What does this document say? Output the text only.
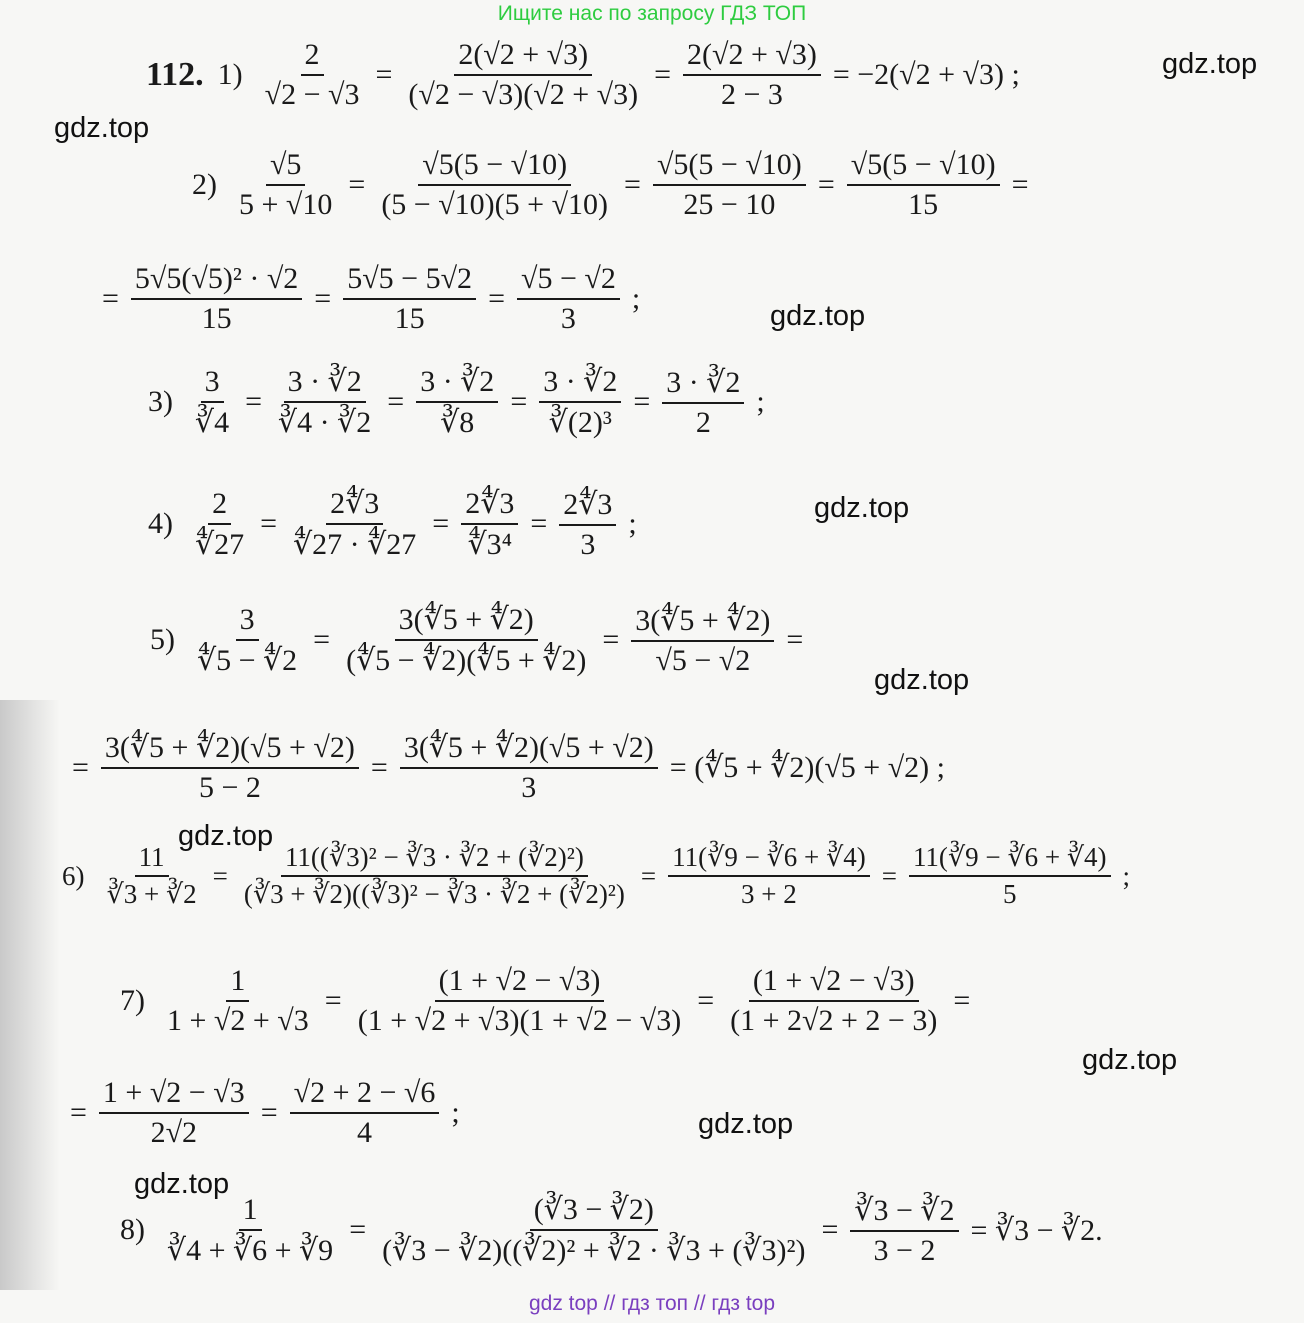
Ищите нас по запросу ГДЗ ТОП
gdz.top
gdz.top
gdz.top
gdz.top
gdz.top
gdz.top
gdz.top
gdz.top
gdz.top
112. $1) \frac{2}{√2 - √3} = \frac{2(√2 + √3)}{(√2 - √3)(√2 + √3)} = \frac{2(√2 + √3)}{2 - 3} = -2(√2 + √3)$ ;
$2) \frac{√5}{5 + √10} = \frac{√5(5 - √10)}{(5 - √10)(5 + √10)} = \frac{√5(5 - √10)}{25 - 10} = \frac{√5(5 - √10)}{15}$ =
= $\frac{\text{5√5(√5)² · √2}}{15} = \frac{5√5 - 5√2}{15} = \frac{√5 - √2}{3}$ ;
$3) \frac{3}{∛4} = \frac{3 \cdot ∛2}{∛4 \cdot ∛2} = \frac{3 \cdot ∛2}{∛8} = \frac{3 \cdot ∛2}{\text{∛(2)³}} = \frac{3 \cdot ∛2}{2}$ ;
$4) \frac{2}{∜27} = \frac{2∜3}{∜27 \cdot ∜27} = \frac{2∜3}{\text{∜3⁴}} = \frac{2∜3}{3}$ ;
$5) \frac{3}{∜5 - ∜2} = \frac{3(∜5 + ∜2)}{(∜5 - ∜2)(∜5 + ∜2)} = \frac{3(∜5 + ∜2)}{√5 - √2}$ =
= $\frac{3(∜5 + ∜2)(√5 + √2)}{5 - 2} = \frac{3(∜5 + ∜2)(√5 + √2)}{3}$ = (∜5 + ∜2)(√5 + √2) ;
$6) \frac{11}{∛3 + ∛2} = \frac{\text{11((∛3)² − ∛3 · ∛2 + (∛2)²)}}{\text{(∛3 + ∛2)((∛3)² − ∛3 · ∛2 + (∛2)²)}} = \frac{11(∛9 - ∛6 + ∛4)}{3 + 2} = \frac{11(∛9 - ∛6 + ∛4)}{5}$ ;
$7) \frac{1}{1 + √2 + √3} = \frac{(1 + √2 - √3)}{(1 + √2 + √3)(1 + √2 - √3)} = \frac{(1 + √2 - √3)}{(1 + 2√2 + 2 - 3)}$ =
= $\frac{1 + √2 - √3}{2√2} = \frac{√2 + 2 - √6}{4}$ ;
$8) \frac{1}{∛4 + ∛6 + ∛9} = \frac{(∛3 - ∛2)}{\text{(∛3 − ∛2)((∛2)² + ∛2 · ∛3 + (∛3)²)}} = \frac{∛3 - ∛2}{3 - 2}$ = ∛3 − ∛2.
gdz top // гдз топ // гдз top
